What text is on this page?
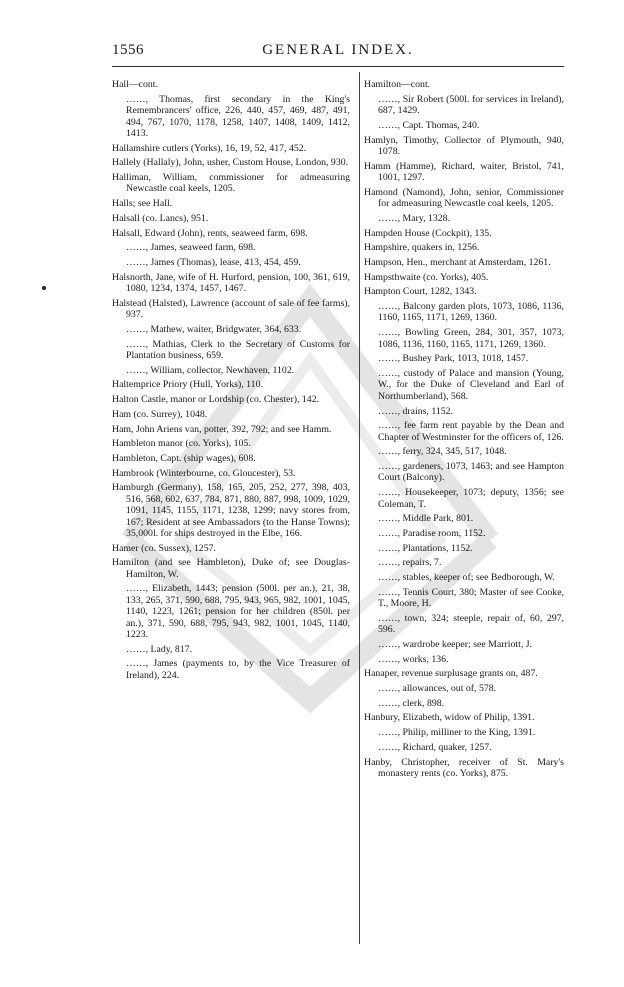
1556	GENERAL INDEX.
Hall—cont.
……, Thomas, first secondary in the King's Remembrancers' office, 226, 440, 457, 469, 487, 491, 494, 767, 1070, 1178, 1258, 1407, 1408, 1409, 1412, 1413.
Hallamshire cutlers (Yorks), 16, 19, 52, 417, 452.
Hallely (Hallaly), John, usher, Custom House, London, 930.
Halliman, William, commissioner for admeasuring Newcastle coal keels, 1205.
Halls; see Hall.
Halsall (co. Lancs), 951.
Halsall, Edward (John), rents, seaweed farm, 698.
……, James, seaweed farm, 698.
……, James (Thomas), lease, 413, 454, 459.
Halsnorth, Jane, wife of H. Hurford, pension, 100, 361, 619, 1080, 1234, 1374, 1457, 1467.
Halstead (Halsted), Lawrence (account of sale of fee farms), 937.
……, Mathew, waiter, Bridgwater, 364, 633.
……, Mathias, Clerk to the Secretary of Customs for Plantation business, 659.
……, William, collector, Newhaven, 1102.
Haltemprice Priory (Hull, Yorks), 110.
Halton Castle, manor or Lordship (co. Chester), 142.
Ham (co. Surrey), 1048.
Ham, John Ariens van, potter, 392, 792; and see Hamm.
Hambleton manor (co. Yorks), 105.
Hambleton, Capt. (ship wages), 608.
Hambrook (Winterbourne, co. Gloucester), 53.
Hamburgh (Germany), 158, 165, 205, 252, 277, 398, 403, 516, 568, 602, 637, 784, 871, 880, 887, 998, 1009, 1029, 1091, 1145, 1155, 1171, 1238, 1299; navy stores from, 167; Resident at see Ambassadors (to the Hanse Towns); 35,000l. for ships destroyed in the Elbe, 166.
Hamer (co. Sussex), 1257.
Hamilton (and see Hambleton), Duke of; see Douglas-Hamilton, W.
……, Elizabeth, 1443; pension (500l. per an.), 21, 38, 133, 265, 371, 590, 688, 795, 943, 965, 982, 1001, 1045, 1140, 1223, 1261; pension for her children (850l. per an.), 371, 590, 688, 795, 943, 982, 1001, 1045, 1140, 1223.
……, Lady, 817.
……, James (payments to, by the Vice Treasurer of Ireland), 224.
Hamilton—cont.
……, Sir Robert (500l. for services in Ireland), 687, 1429.
……, Capt. Thomas, 240.
Hamlyn, Timothy, Collector of Plymouth, 940, 1078.
Hamm (Hamme), Richard, waiter, Bristol, 741, 1001, 1297.
Hamond (Namond), John, senior, Commissioner for admeasuring Newcastle coal keels, 1205.
……, Mary, 1328.
Hampden House (Cockpit), 135.
Hampshire, quakers in, 1256.
Hampson, Hen., merchant at Amsterdam, 1261.
Hampsthwaite (co. Yorks), 405.
Hampton Court, 1282, 1343.
……, Balcony garden plots, 1073, 1086, 1136, 1160, 1165, 1171, 1269, 1360.
……, Bowling Green, 284, 301, 357, 1073, 1086, 1136, 1160, 1165, 1171, 1269, 1360.
……, Bushey Park, 1013, 1018, 1457.
……, custody of Palace and mansion (Young, W., for the Duke of Cleveland and Earl of Northumberland), 568.
……, drains, 1152.
……, fee farm rent payable by the Dean and Chapter of Westminster for the officers of, 126.
……, ferry, 324, 345, 517, 1048.
……, gardeners, 1073, 1463; and see Hampton Court (Balcony).
……, Housekeeper, 1073; deputy, 1356; see Coleman, T.
……, Middle Park, 801.
……, Paradise room, 1152.
……, Plantations, 1152.
……, repairs, 7.
……, stables, keeper of; see Bedborough, W.
……, Tennis Court, 380; Master of see Cooke, T., Moore, H.
……, town, 324; steeple, repair of, 60, 297, 596.
……, wardrobe keeper; see Marriott, J.
……, works, 136.
Hanaper, revenue surplusage grants on, 487.
……, allowances, out of, 578.
……, clerk, 898.
Hanbury, Elizabeth, widow of Philip, 1391.
……, Philip, milliner to the King, 1391.
……, Richard, quaker, 1257.
Hanby, Christopher, receiver of St. Mary's monastery rents (co. Yorks), 875.
